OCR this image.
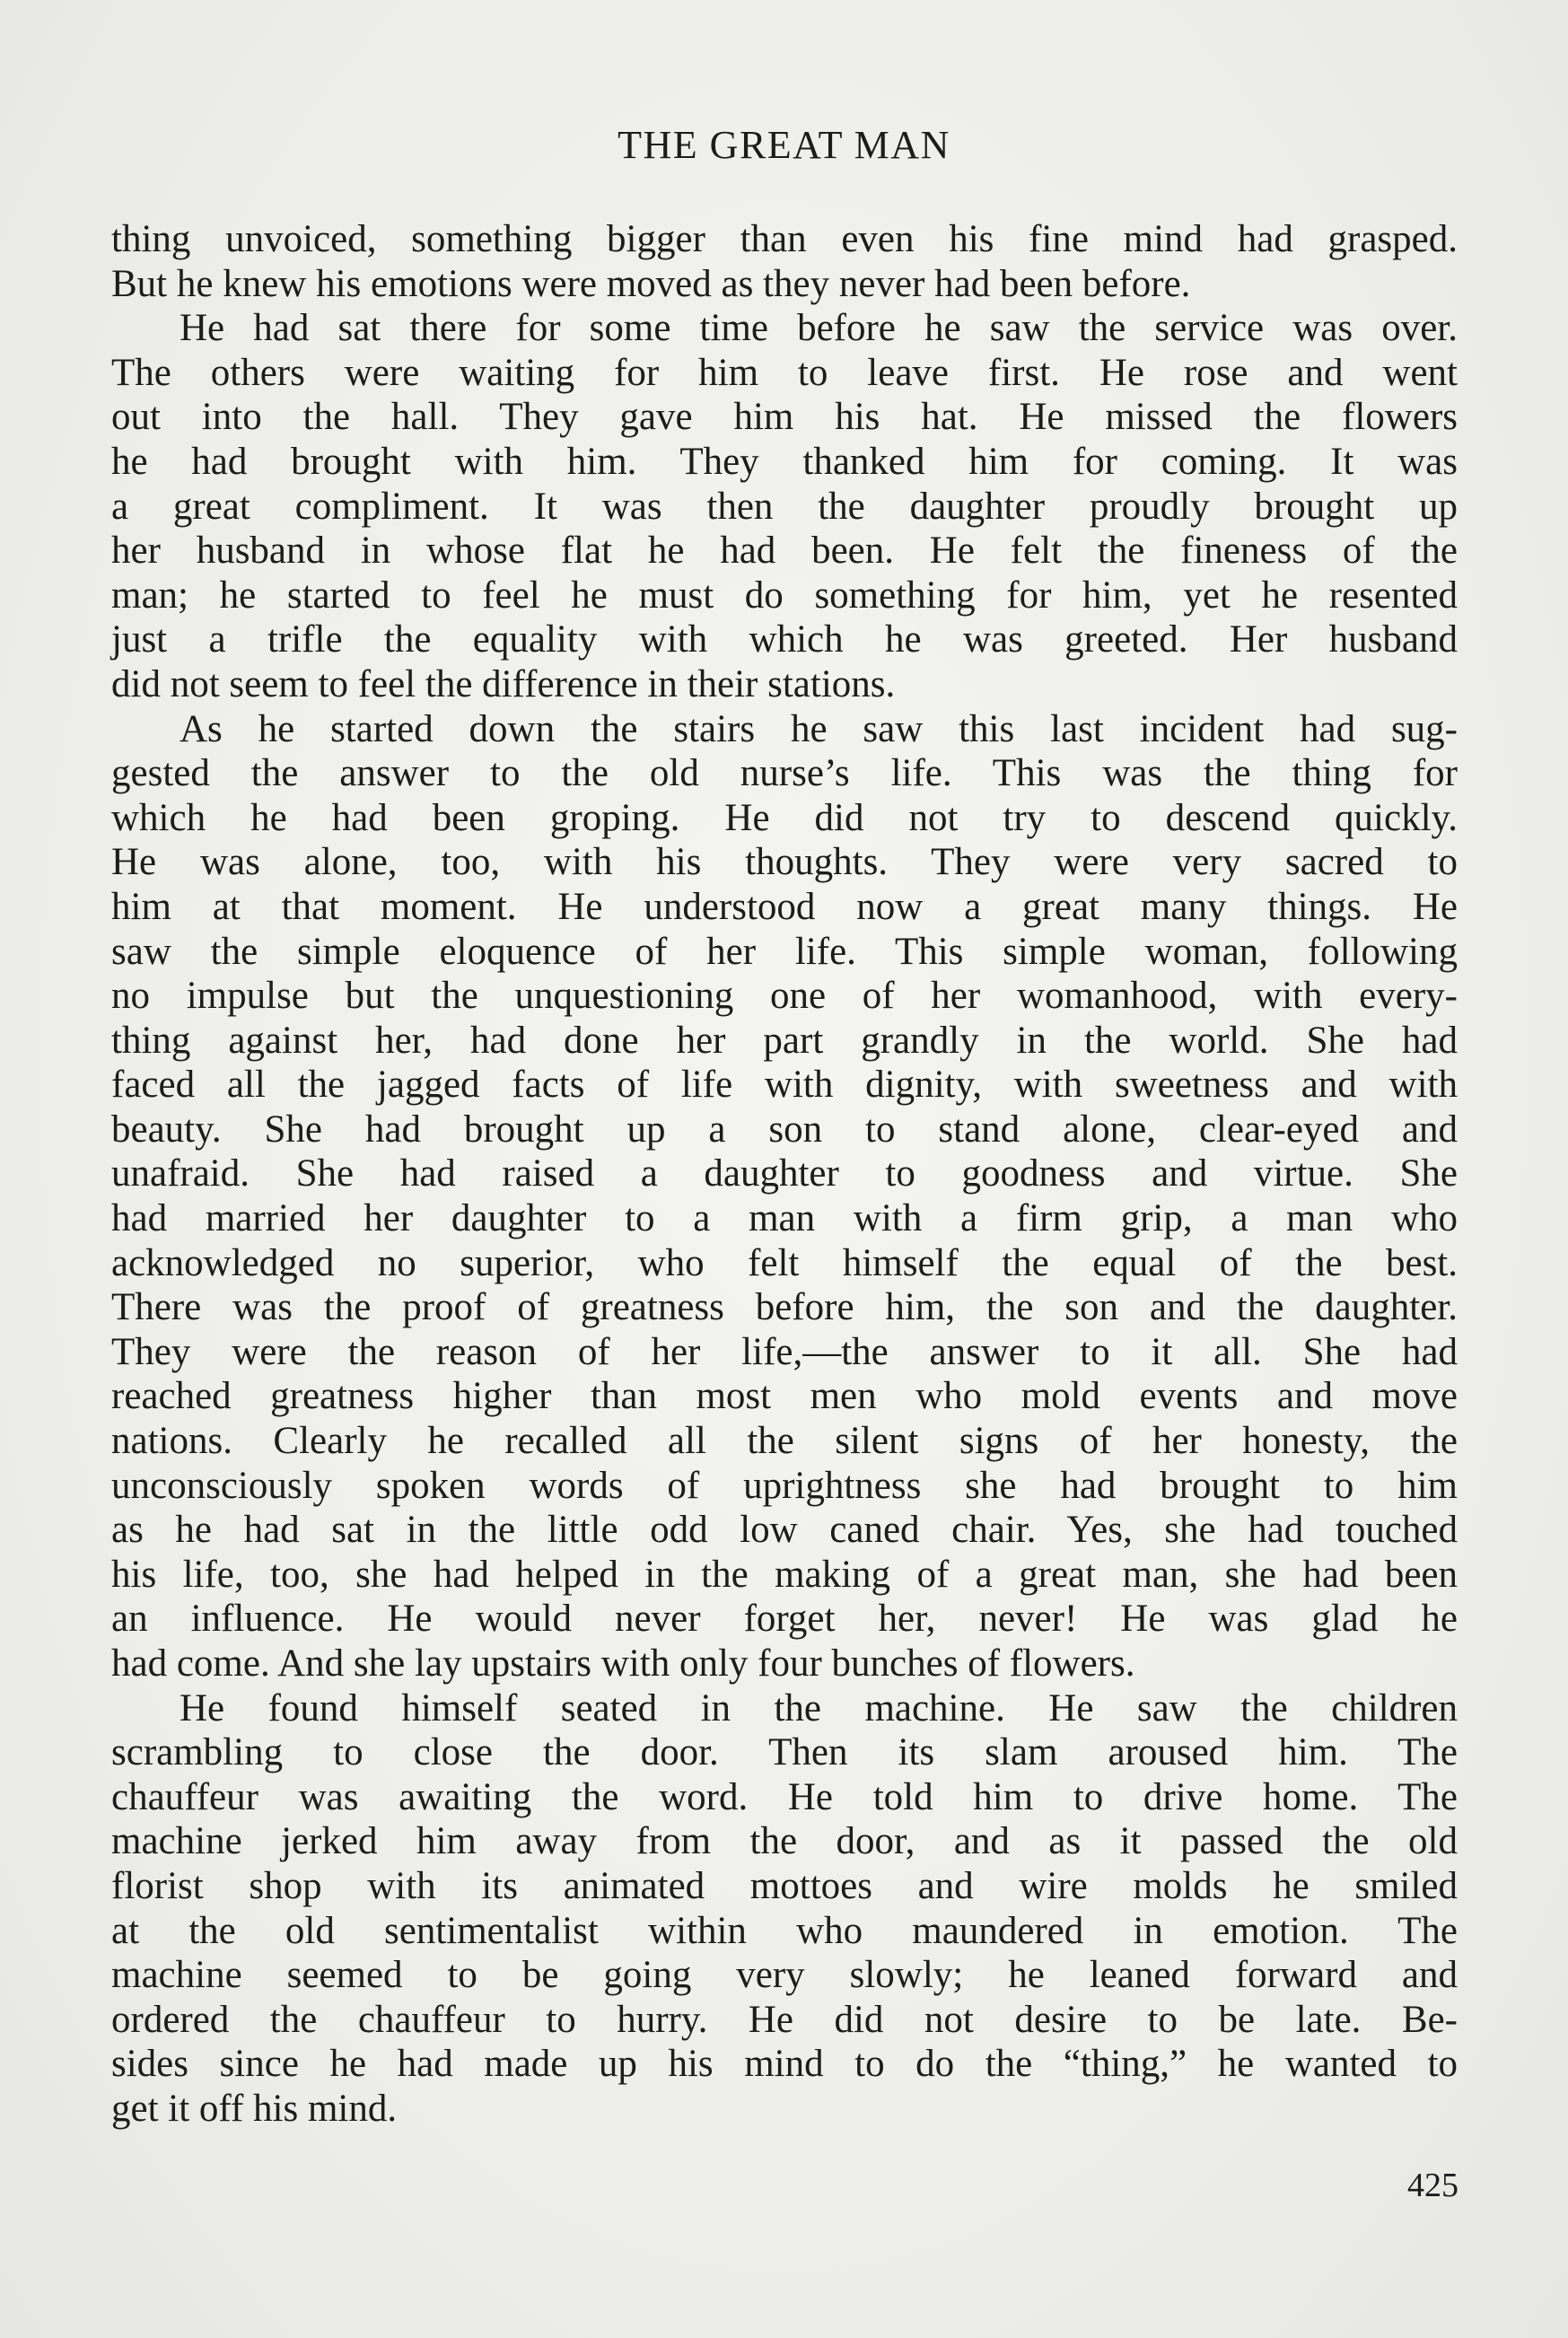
THE GREAT MAN
thing unvoiced, something bigger than even his fine mind had grasped.
But he knew his emotions were moved as they never had been before.
He had sat there for some time before he saw the service was over.
The others were waiting for him to leave first. He rose and went
out into the hall. They gave him his hat. He missed the flowers
he had brought with him. They thanked him for coming. It was
a great compliment. It was then the daughter proudly brought up
her husband in whose flat he had been. He felt the fineness of the
man; he started to feel he must do something for him, yet he resented
just a trifle the equality with which he was greeted. Her husband
did not seem to feel the difference in their stations.
As he started down the stairs he saw this last incident had sug-
gested the answer to the old nurse’s life. This was the thing for
which he had been groping. He did not try to descend quickly.
He was alone, too, with his thoughts. They were very sacred to
him at that moment. He understood now a great many things. He
saw the simple eloquence of her life. This simple woman, following
no impulse but the unquestioning one of her womanhood, with every-
thing against her, had done her part grandly in the world. She had
faced all the jagged facts of life with dignity, with sweetness and with
beauty. She had brought up a son to stand alone, clear-eyed and
unafraid. She had raised a daughter to goodness and virtue. She
had married her daughter to a man with a firm grip, a man who
acknowledged no superior, who felt himself the equal of the best.
There was the proof of greatness before him, the son and the daughter.
They were the reason of her life,—the answer to it all. She had
reached greatness higher than most men who mold events and move
nations. Clearly he recalled all the silent signs of her honesty, the
unconsciously spoken words of uprightness she had brought to him
as he had sat in the little odd low caned chair. Yes, she had touched
his life, too, she had helped in the making of a great man, she had been
an influence. He would never forget her, never! He was glad he
had come. And she lay upstairs with only four bunches of flowers.
He found himself seated in the machine. He saw the children
scrambling to close the door. Then its slam aroused him. The
chauffeur was awaiting the word. He told him to drive home. The
machine jerked him away from the door, and as it passed the old
florist shop with its animated mottoes and wire molds he smiled
at the old sentimentalist within who maundered in emotion. The
machine seemed to be going very slowly; he leaned forward and
ordered the chauffeur to hurry. He did not desire to be late. Be-
sides since he had made up his mind to do the “thing,” he wanted to
get it off his mind.
425
